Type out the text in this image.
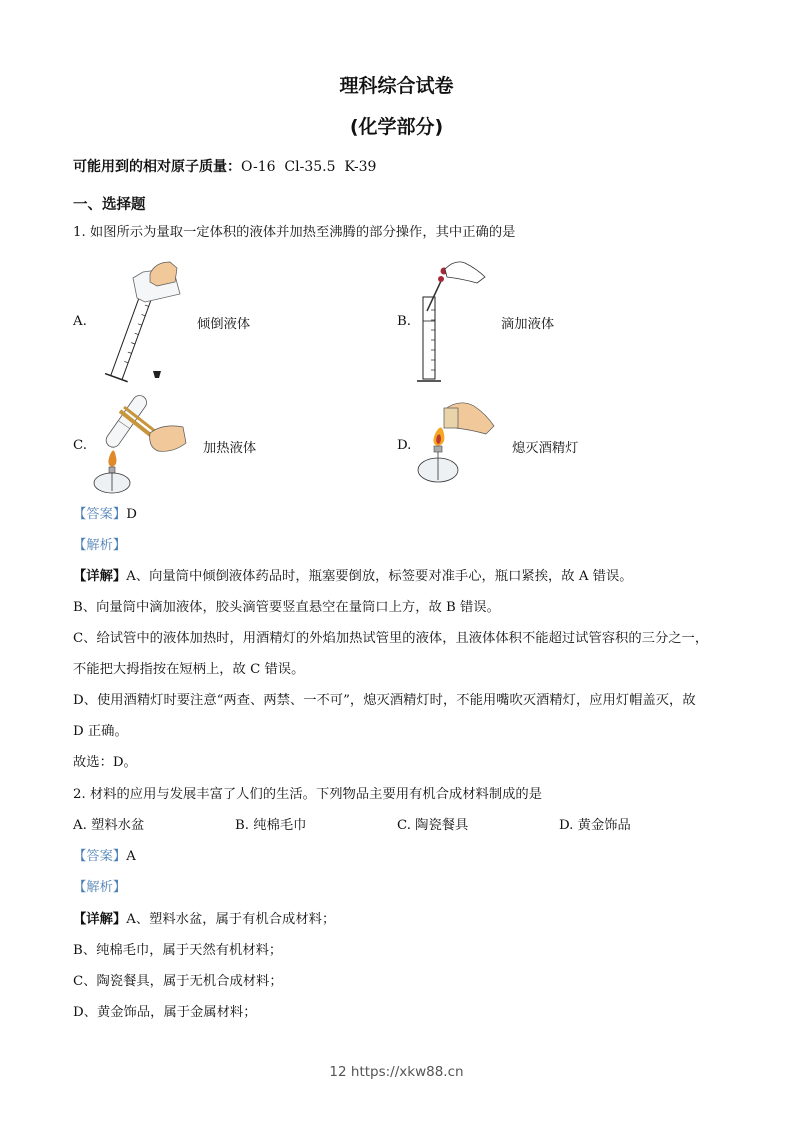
理科综合试卷
(化学部分)
可能用到的相对原子质量：O-16  Cl-35.5  K-39
一、选择题
1. 如图所示为量取一定体积的液体并加热至沸腾的部分操作，其中正确的是
A.	倾倒液体	B.	滴加液体
C.	加热液体	D.	熄灭酒精灯
【答案】D
【解析】
【详解】A、向量筒中倾倒液体药品时，瓶塞要倒放，标签要对准手心，瓶口紧挨，故 A 错误。
B、向量筒中滴加液体，胶头滴管要竖直悬空在量筒口上方，故 B 错误。
C、给试管中的液体加热时，用酒精灯的外焰加热试管里的液体，且液体体积不能超过试管容积的三分之一，
不能把大拇指按在短柄上，故 C 错误。
D、使用酒精灯时要注意“两查、两禁、一不可”，熄灭酒精灯时，不能用嘴吹灭酒精灯，应用灯帽盖灭，故
D 正确。
故选：D。
2. 材料的应用与发展丰富了人们的生活。下列物品主要用有机合成材料制成的是
A. 塑料水盆	B. 纯棉毛巾	C. 陶瓷餐具	D. 黄金饰品
【答案】A
【解析】
【详解】A、塑料水盆，属于有机合成材料；
B、纯棉毛巾，属于天然有机材料；
C、陶瓷餐具，属于无机合成材料；
D、黄金饰品，属于金属材料；
12 https://xkw88.cn
